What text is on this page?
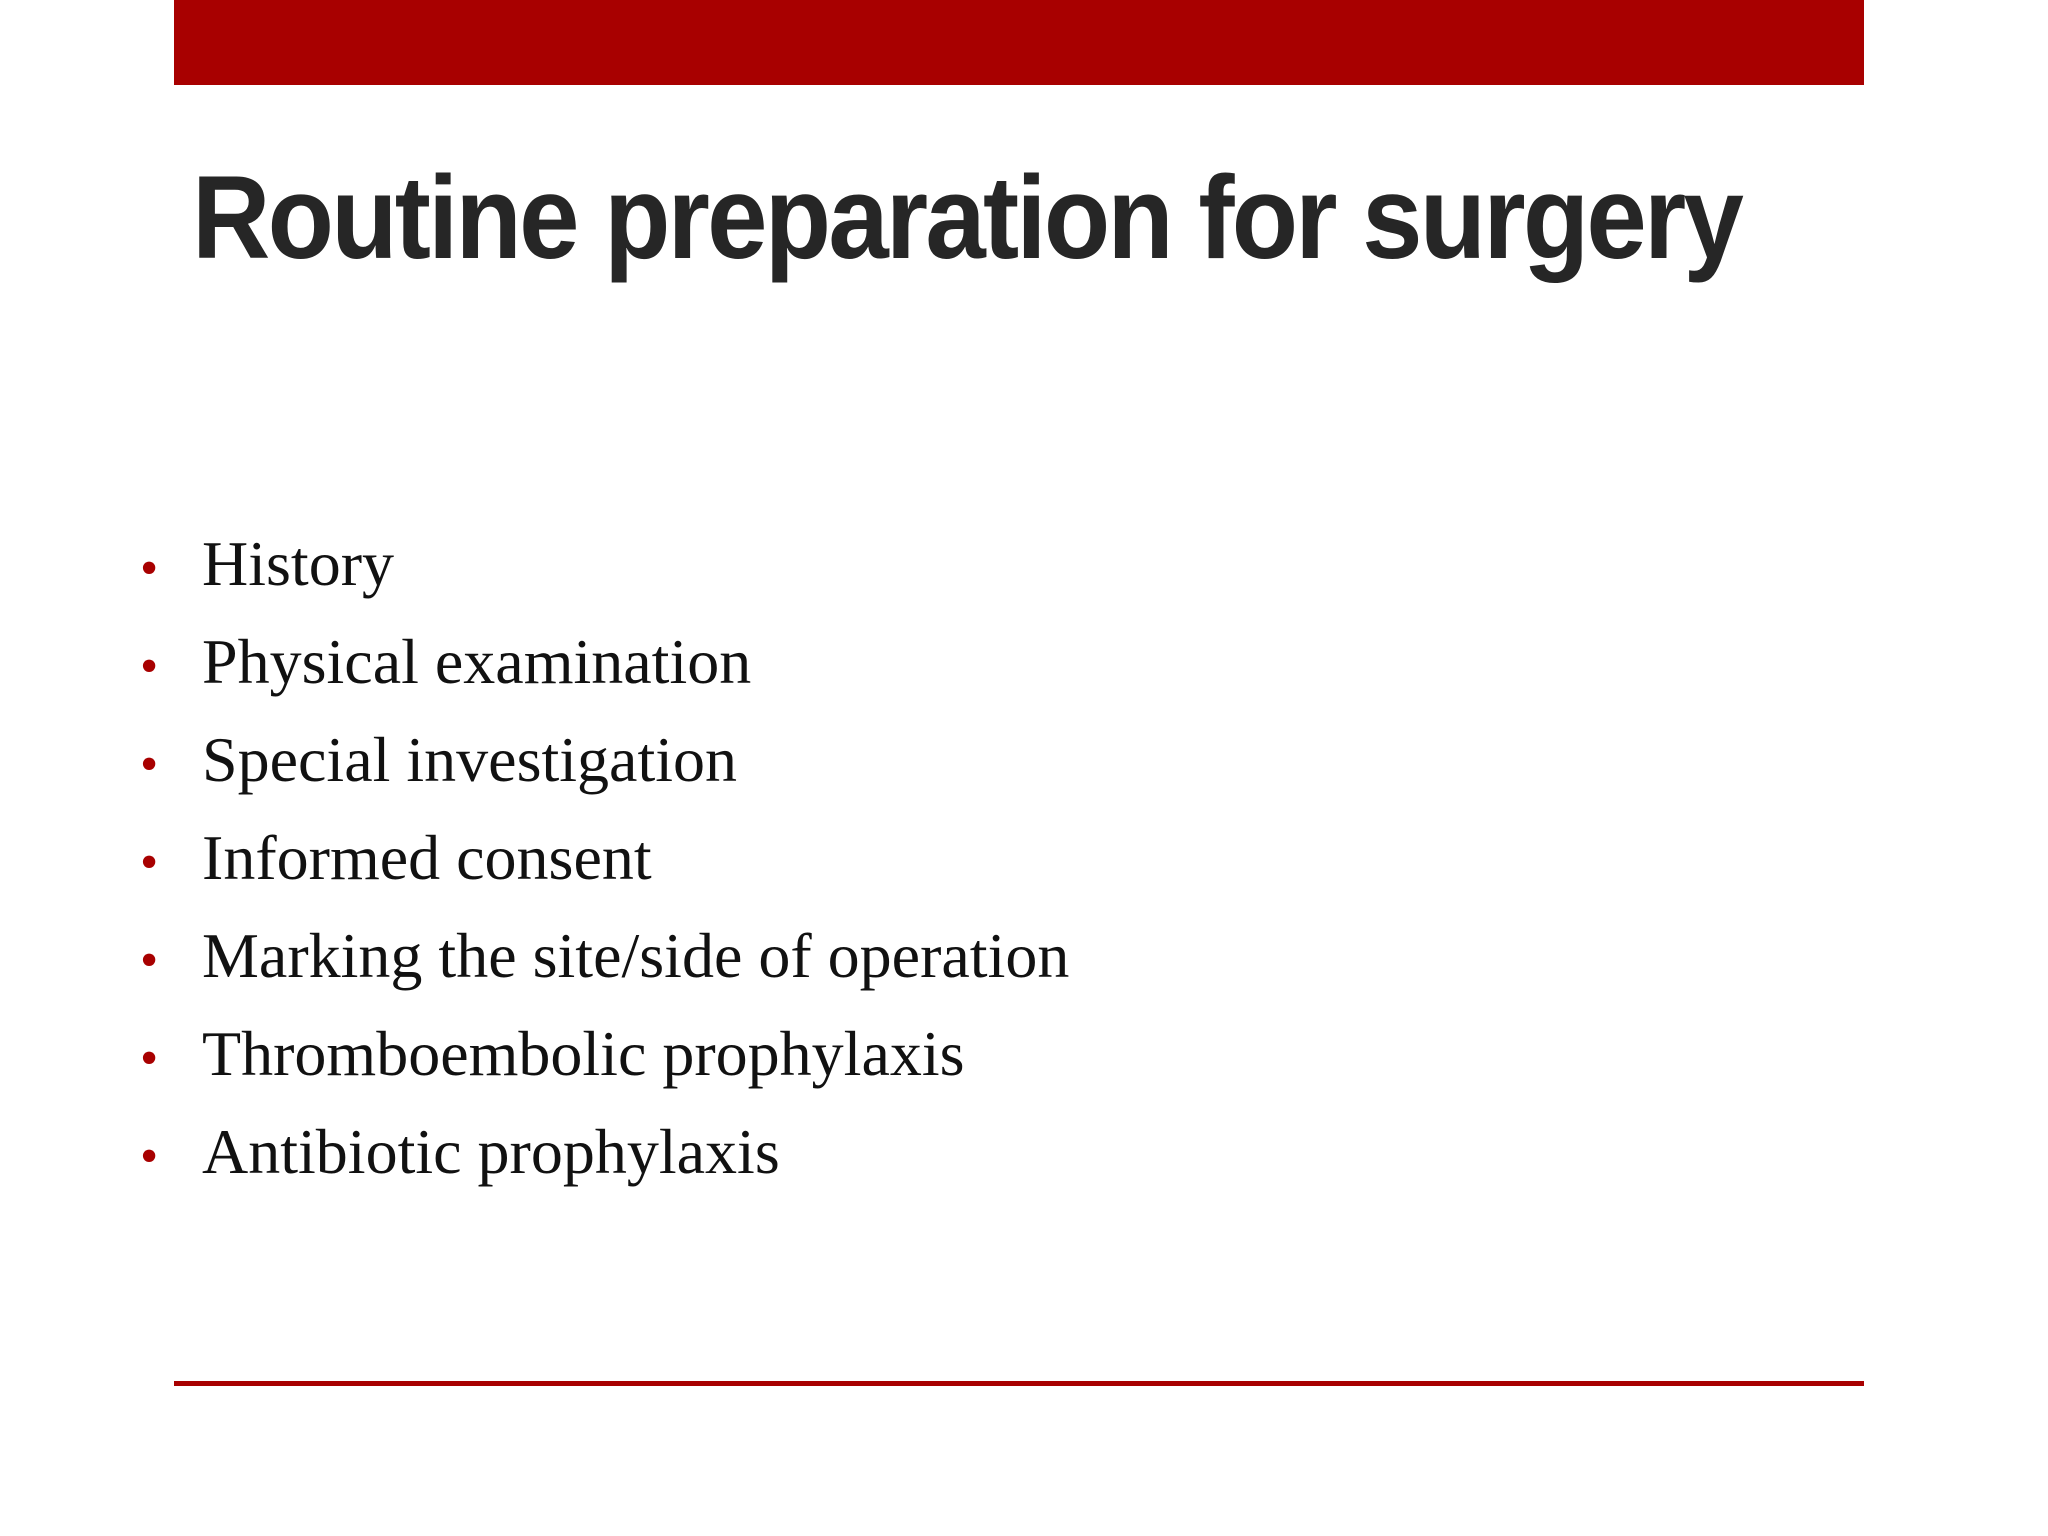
Routine preparation for surgery
• History
• Physical examination
• Special investigation
• Informed consent
• Marking the site/side of operation
• Thromboembolic prophylaxis
• Antibiotic prophylaxis
